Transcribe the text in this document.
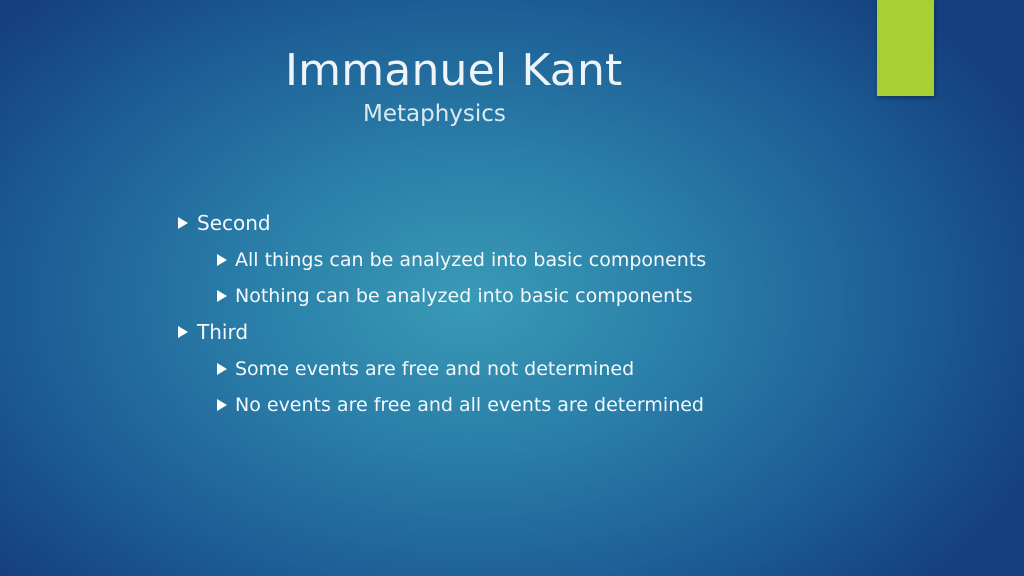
Immanuel Kant
Metaphysics
Second
All things can be analyzed into basic components
Nothing can be analyzed into basic components
Third
Some events are free and not determined
No events are free and all events are determined
